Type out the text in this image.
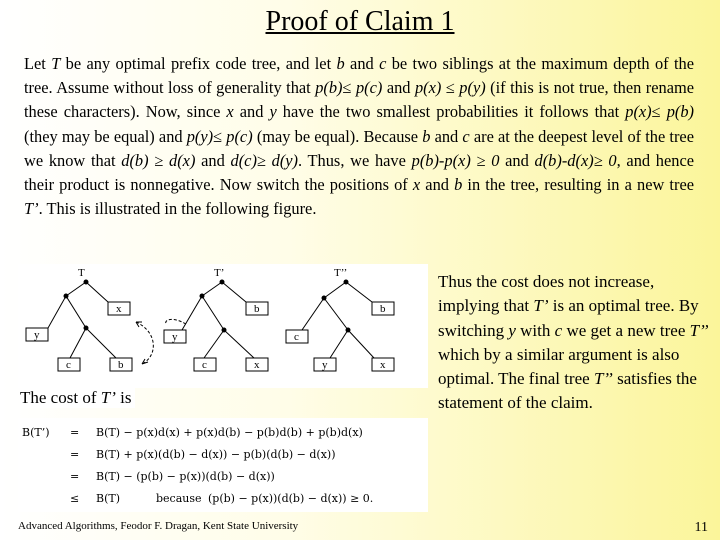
Proof of Claim 1
Let T be any optimal prefix code tree, and let b and c be two siblings at the maximum depth of the tree. Assume without loss of generality that p(b)≤ p(c) and p(x) ≤ p(y) (if this is not true, then rename these characters). Now, since x and y have the two smallest probabilities it follows that p(x)≤ p(b) (they may be equal) and p(y)≤ p(c) (may be equal). Because b and c are at the deepest level of the tree we know that d(b) ≥ d(x) and d(c)≥ d(y). Thus, we have p(b)-p(x) ≥ 0 and d(b)-d(x)≥ 0, and hence their product is nonnegative. Now switch the positions of x and b in the tree, resulting in a new tree T’. This is illustrated in the following figure.
T
x
y
c	b
T’
b
y
c	x
T’’
b
c
y	x
The cost of T’ is
B(T’) = B(T) − p(x)d(x) + p(x)d(b) − p(b)d(b) + p(b)d(x)
= B(T) + p(x)(d(b) − d(x)) − p(b)(d(b) − d(x))
= B(T) − (p(b) − p(x))(d(b) − d(x))
≤ B(T)	because (p(b) − p(x))(d(b) − d(x)) ≥ 0.
Thus the cost does not increase, implying that T’ is an optimal tree. By switching y with c we get a new tree T’’ which by a similar argument is also optimal. The final tree T’’ satisfies the statement of the claim.
Advanced Algorithms, Feodor F. Dragan, Kent State University	11
